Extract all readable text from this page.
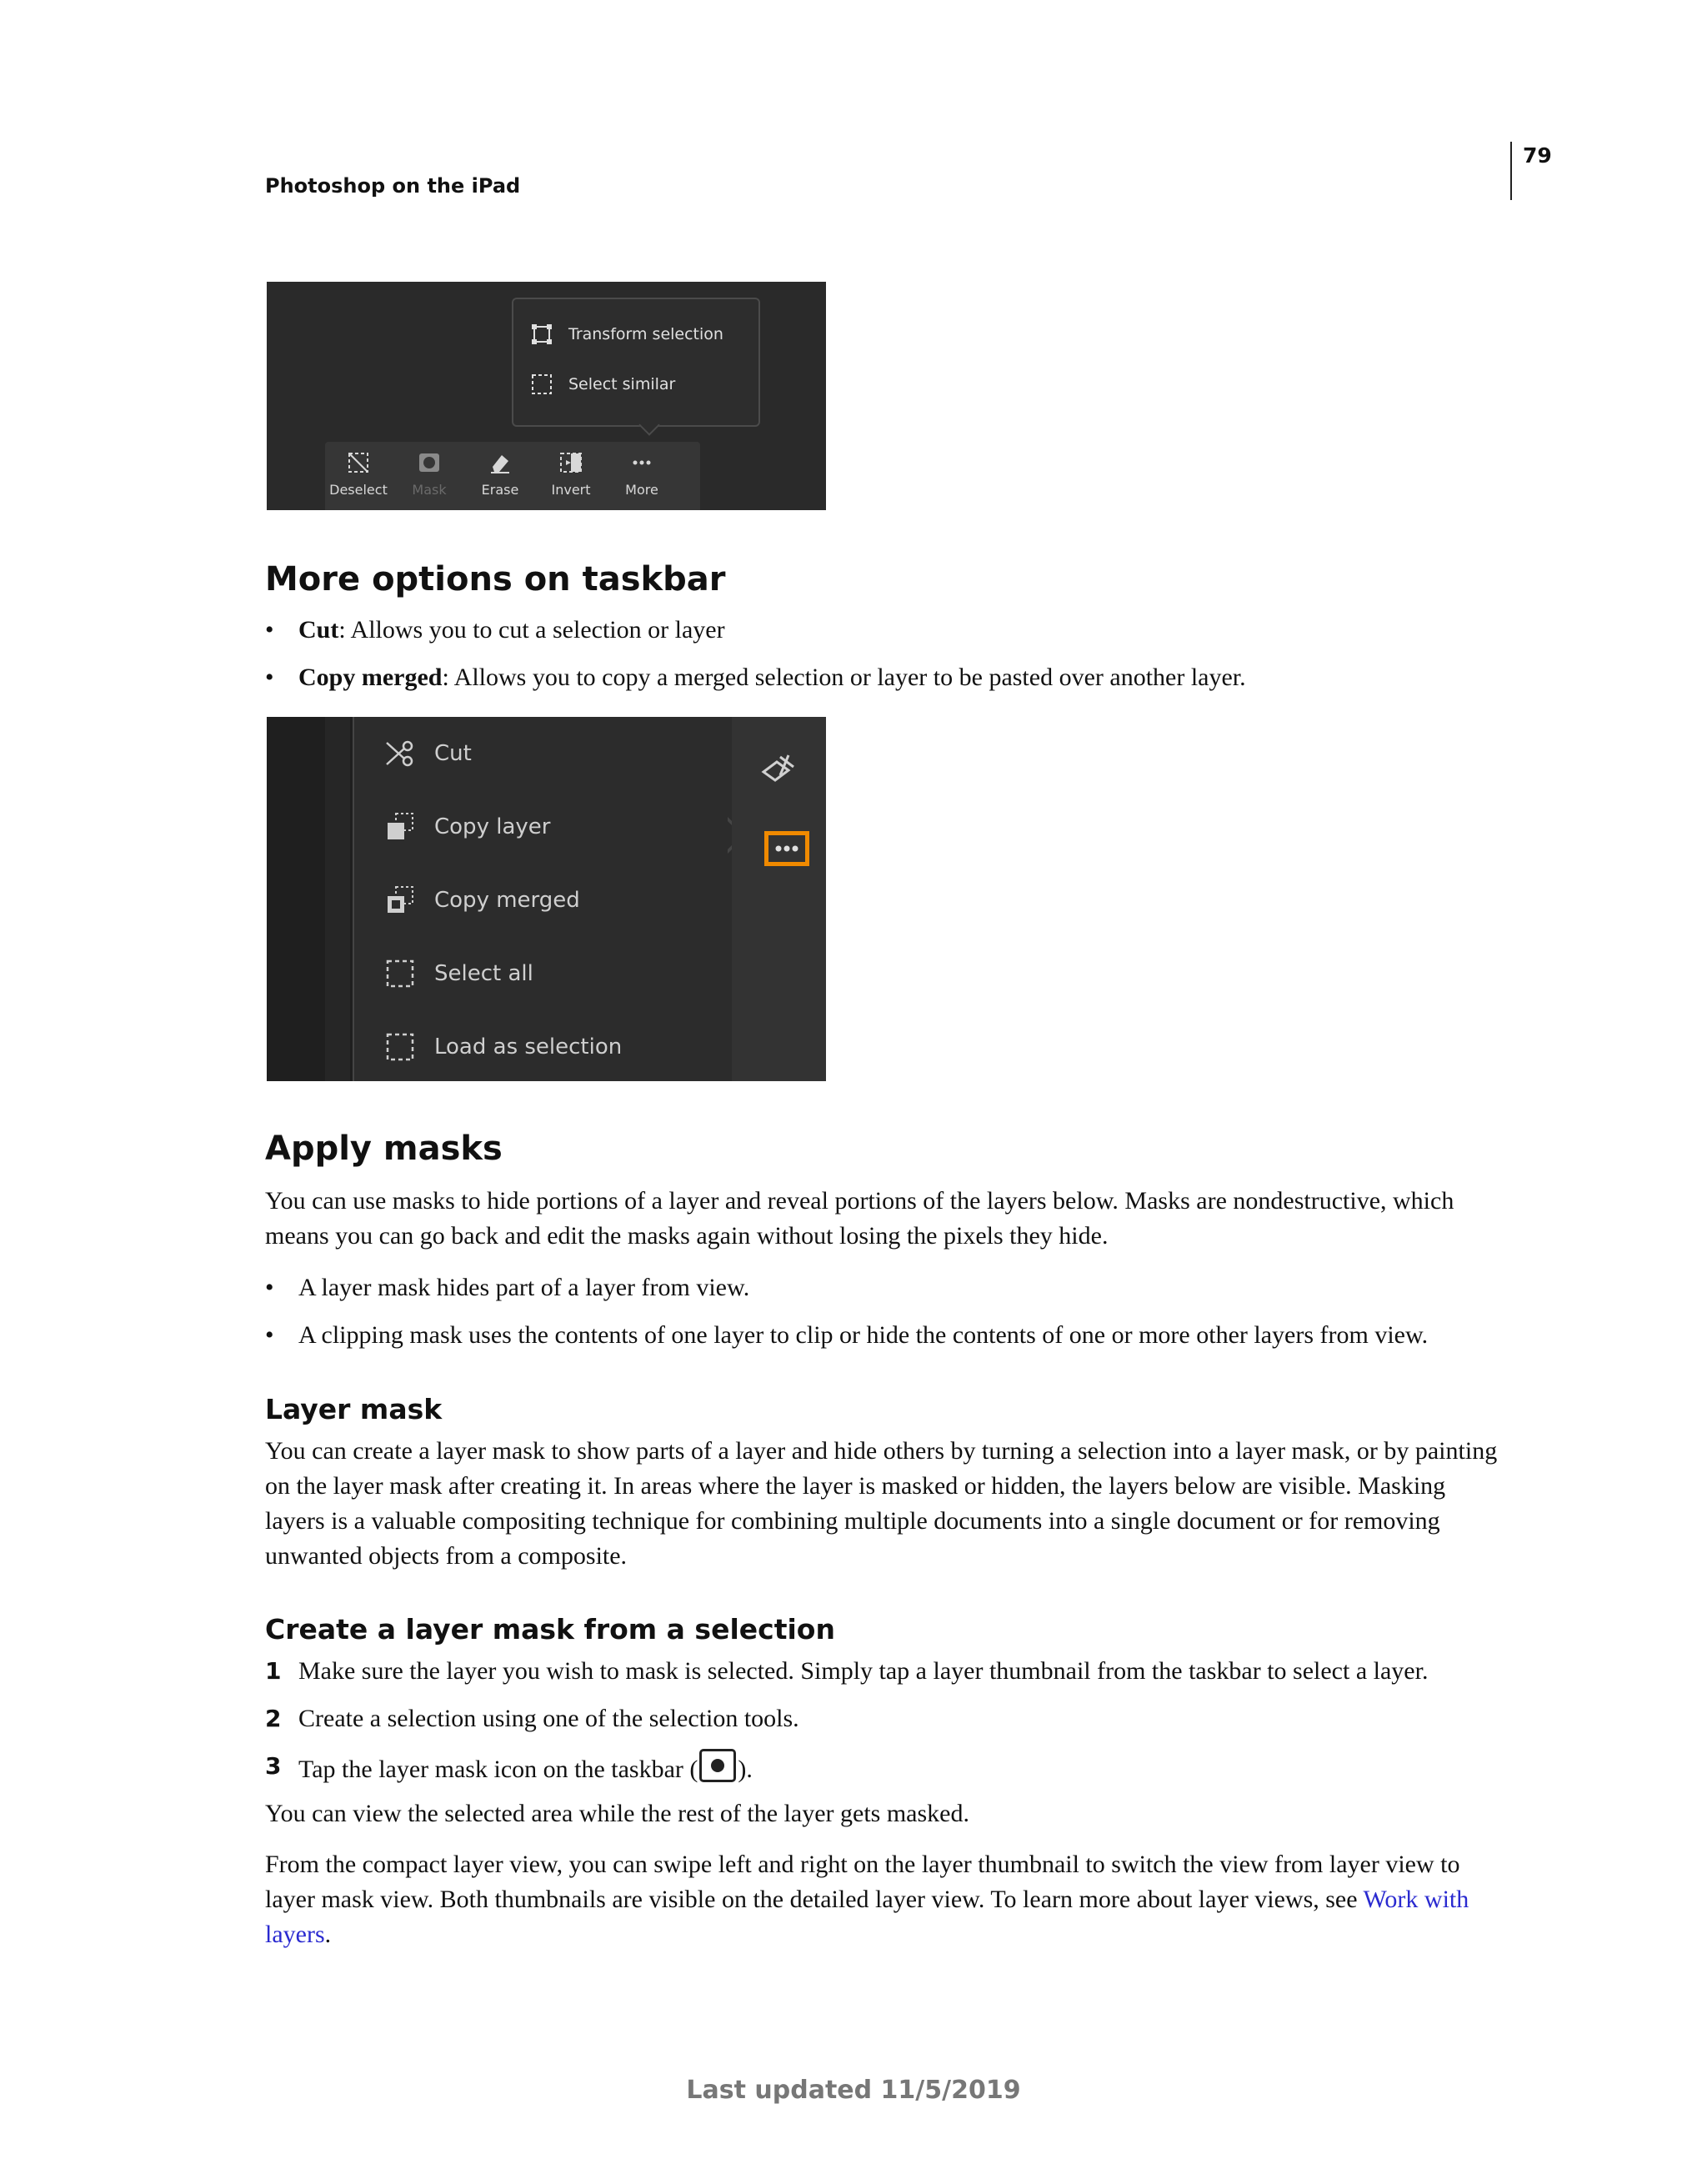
79
Photoshop on the iPad
Transform selection
Select similar
Deselect Mask	Erase Invert	More
More options on taskbar
• Cut: Allows you to cut a selection or layer
• Copy merged: Allows you to copy a merged selection or layer to be pasted over another layer.
Cut
Copy layer
Copy merged
Select all
Load as selection
Apply masks
You can use masks to hide portions of a layer and reveal portions of the layers below. Masks are nondestructive, which means you can go back and edit the masks again without losing the pixels they hide.
• A layer mask hides part of a layer from view.
• A clipping mask uses the contents of one layer to clip or hide the contents of one or more other layers from view.
Layer mask
You can create a layer mask to show parts of a layer and hide others by turning a selection into a layer mask, or by painting on the layer mask after creating it. In areas where the layer is masked or hidden, the layers below are visible. Masking layers is a valuable compositing technique for combining multiple documents into a single document or for removing unwanted objects from a composite.
Create a layer mask from a selection
1 Make sure the layer you wish to mask is selected. Simply tap a layer thumbnail from the taskbar to select a layer.
2 Create a selection using one of the selection tools.
3 Tap the layer mask icon on the taskbar ( ).
You can view the selected area while the rest of the layer gets masked.
From the compact layer view, you can swipe left and right on the layer thumbnail to switch the view from layer view to layer mask view. Both thumbnails are visible on the detailed layer view. To learn more about layer views, see Work with layers.
Last updated 11/5/2019
